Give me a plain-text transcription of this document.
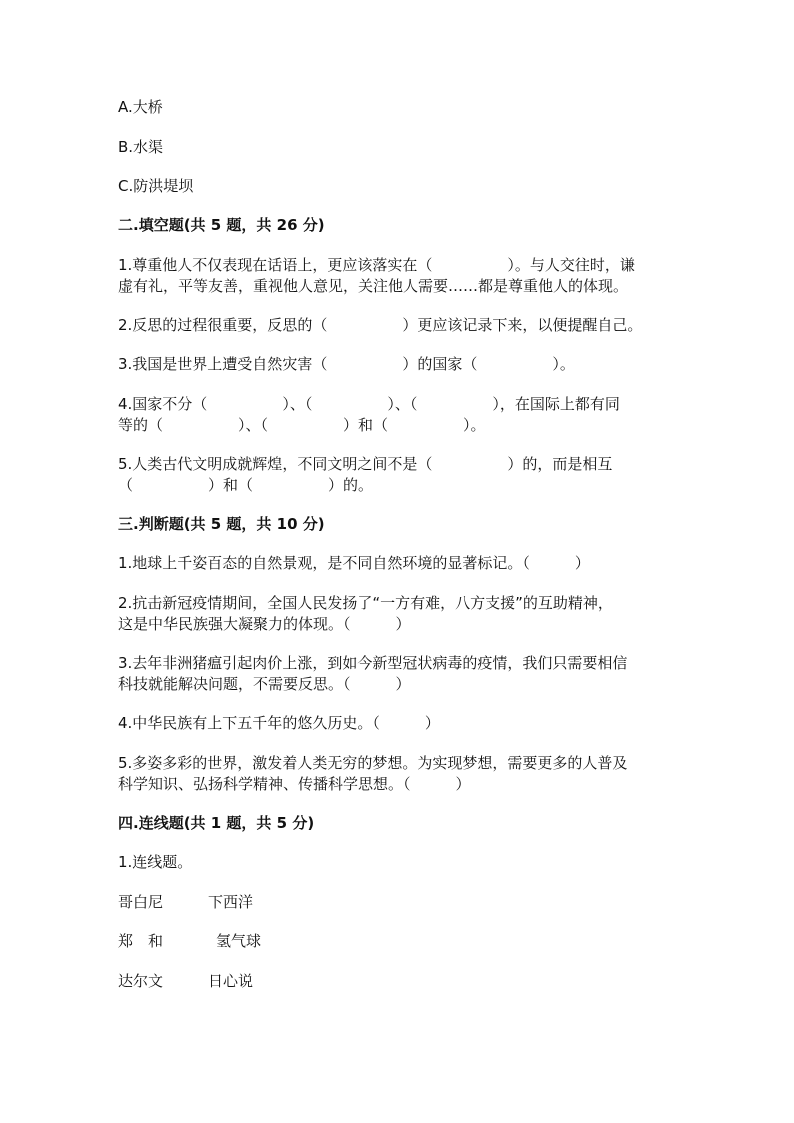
A.大桥
B.水渠
C.防洪堤坝
二.填空题(共 5 题，共 26 分)
1.尊重他人不仅表现在话语上，更应该落实在（　　　　　）。与人交往时，谦
虚有礼，平等友善，重视他人意见，关注他人需要……都是尊重他人的体现。
2.反思的过程很重要，反思的（　　　　　）更应该记录下来，以便提醒自己。
3.我国是世界上遭受自然灾害（　　　　　）的国家（　　　　　）。
4.国家不分（　　　　　）、（　　　　　）、（　　　　　），在国际上都有同
等的（　　　　　）、（　　　　　）和（　　　　　）。
5.人类古代文明成就辉煌，不同文明之间不是（　　　　　）的，而是相互
（　　　　　）和（　　　　　）的。
三.判断题(共 5 题，共 10 分)
1.地球上千姿百态的自然景观，是不同自然环境的显著标记。（　　　）
2.抗击新冠疫情期间，全国人民发扬了“一方有难，八方支援”的互助精神，
这是中华民族强大凝聚力的体现。（　　　）
3.去年非洲猪瘟引起肉价上涨，到如今新型冠状病毒的疫情，我们只需要相信
科技就能解决问题，不需要反思。（　　　）
4.中华民族有上下五千年的悠久历史。（　　　）
5.多姿多彩的世界，激发着人类无穷的梦想。为实现梦想，需要更多的人普及
科学知识、弘扬科学精神、传播科学思想。（　　　）
四.连线题(共 1 题，共 5 分)
1.连线题。
哥白尼	下西洋
郑　和	氢气球
达尔文	日心说
